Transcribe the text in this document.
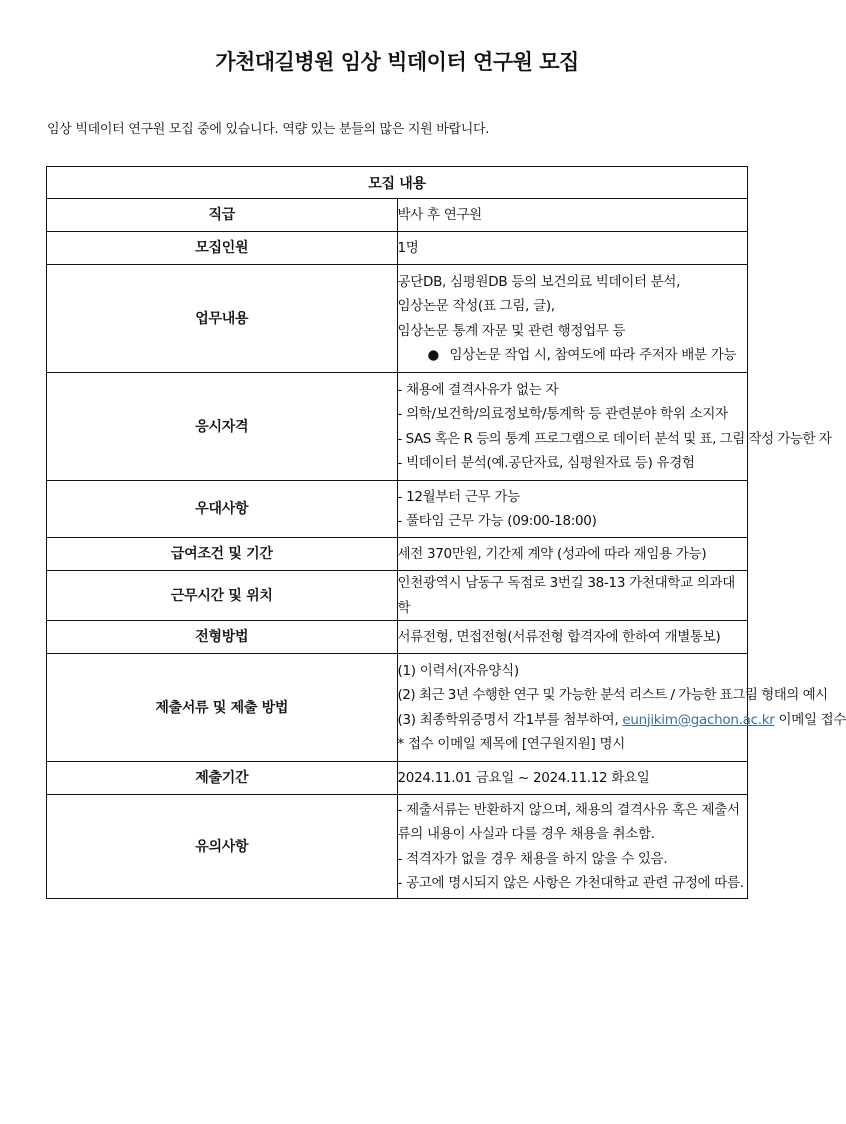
가천대길병원 임상 빅데이터 연구원 모집
임상 빅데이터 연구원 모집 중에 있습니다. 역량 있는 분들의 많은 지원 바랍니다.
모집 내용	
직급	박사 후 연구원
모집인원	1명
업무내용	공단DB, 심평원DB 등의 보건의료 빅데이터 분석,
임상논문 작성(표 그림, 글),
임상논문 통계 자문 및 관련 행정업무 등
● 임상논문 작업 시, 참여도에 따라 주저자 배분 가능

응시자격	- 채용에 결격사유가 없는 자
- 의학/보건학/의료정보학/통계학 등 관련분야 학위 소지자
- SAS 혹은 R 등의 통계 프로그램으로 데이터 분석 및 표, 그림 작성 가능한 자
- 빅데이터 분석(예.공단자료, 심평원자료 등) 유경험

우대사항	- 12월부터 근무 가능
- 풀타임 근무 가능 (09:00-18:00)

급여조건 및 기간	세전 370만원, 기간제 계약 (성과에 따라 재임용 가능)
근무시간 및 위치	인천광역시 남동구 독점로 3번길 38-13 가천대학교 의과대학
전형방법	서류전형, 면접전형(서류전형 합격자에 한하여 개별통보)
제출서류 및 제출 방법	(1) 이력서(자유양식)
(2) 최근 3년 수행한 연구 및 가능한 분석 리스트 / 가능한 표그림 형태의 예시
(3) 최종학위증명서 각1부를 첨부하여, eunjikim@gachon.ac.kr 이메일 접수
* 접수 이메일 제목에 [연구원지원] 명시

제출기간	2024.11.01 금요일 ~ 2024.11.12 화요일
유의사항	- 제출서류는 반환하지 않으며, 채용의 결격사유 혹은 제출서류의 내용이 사실과 다를 경우 채용을 취소함.
- 적격자가 없을 경우 채용을 하지 않을 수 있음.
- 공고에 명시되지 않은 사항은 가천대학교 관련 규정에 따름.
